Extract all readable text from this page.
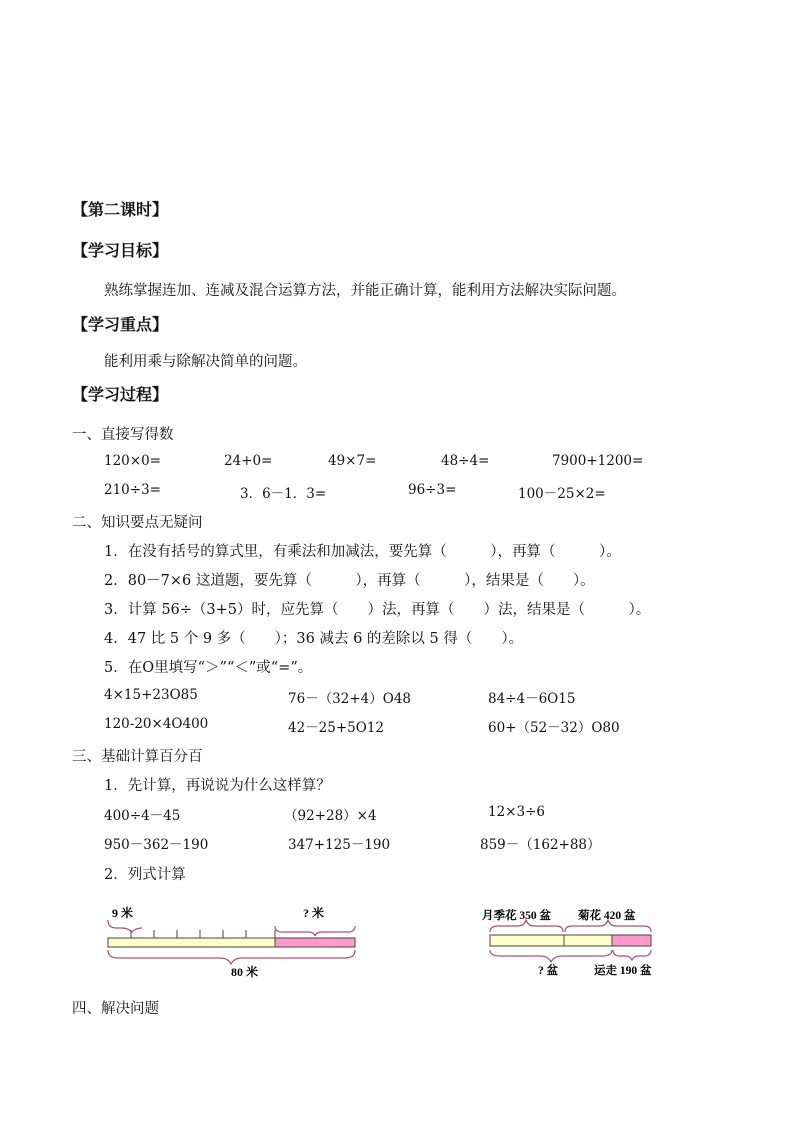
【第二课时】
【学习目标】
熟练掌握连加、连减及混合运算方法，并能正确计算，能利用方法解决实际问题。
【学习重点】
能利用乘与除解决简单的问题。
【学习过程】
一、直接写得数
120×0=	24+0=	49×7=	48÷4=	7900+1200=
210÷3=	3．6－1．3=	96÷3=	100－25×2=
二、知识要点无疑问
1．在没有括号的算式里，有乘法和加减法，要先算（　　　），再算（　　　）。
2．80－7×6 这道题，要先算（　　　），再算（　　　），结果是（　　）。
3．计算 56÷（3+5）时，应先算（　　）法，再算（　　）法，结果是（　　　）。
4．47 比 5 个 9 多（　　）；36 减去 6 的差除以 5 得（　　）。
5．在O里填写“＞”“＜”或“=”。
4×15+23O85	76－（32+4）O48	84÷4－6O15
120-20×4O400	42－25+5O12	60+（52－32）O80
三、基础计算百分百
1．先计算，再说说为什么这样算？
400÷4－45	（92+28）×4	12×3÷6
950－362－190	347+125－190	859－（162+88）
2．列式计算
9 米	? 米
80 米
月季花 350 盆 菊花 420 盆
? 盆	运走 190 盆
四、解决问题
